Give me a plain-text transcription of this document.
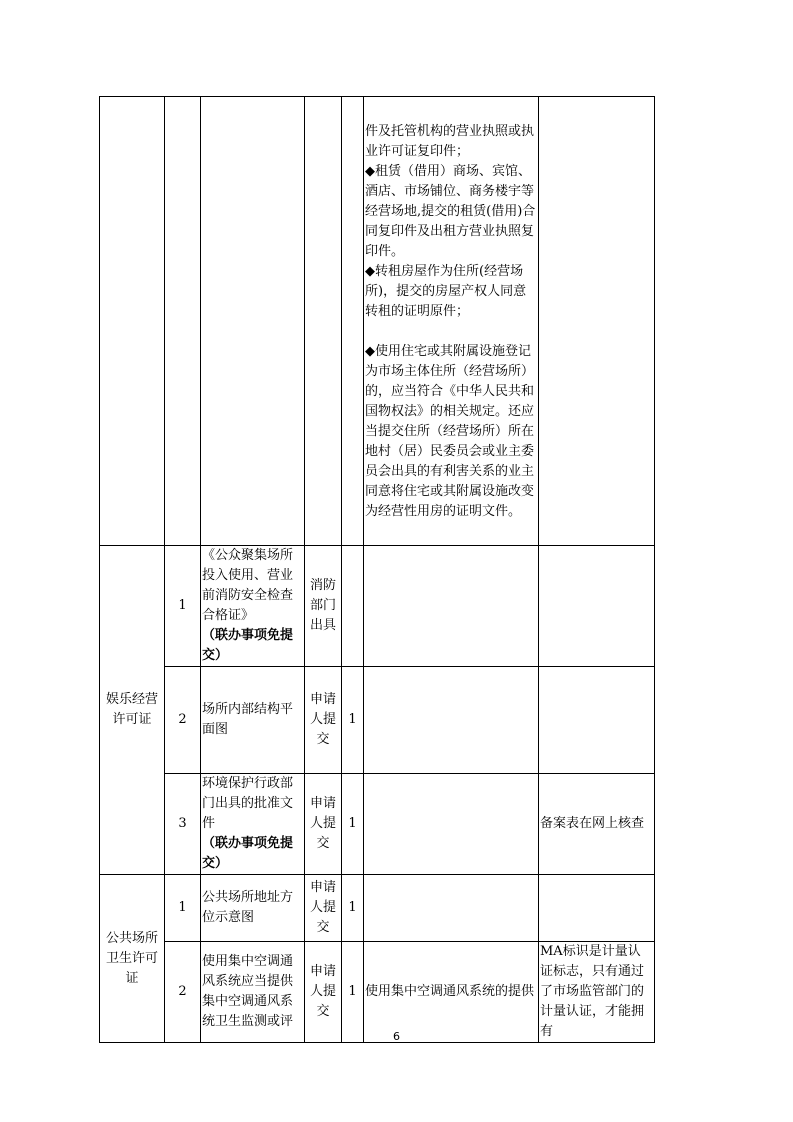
					件及托管机构的营业执照或执业许可证复印件；
◆租赁（借用）商场、宾馆、酒店、市场铺位、商务楼宇等经营场地,提交的租赁(借用)合同复印件及出租方营业执照复印件。
◆转租房屋作为住所(经营场所)，提交的房屋产权人同意转租的证明原件；
◆使用住宅或其附属设施登记为市场主体住所（经营场所）的，应当符合《中华人民共和国物权法》的相关规定。还应当提交住所（经营场所）所在地村（居）民委员会或业主委员会出具的有利害关系的业主同意将住宅或其附属设施改变为经营性用房的证明文件。	

娱乐经营许可证	1	《公众聚集场所投入使用、营业前消防安全检查合格证》
（联办事项免提交）	消防部门出具			
	2	场所内部结构平面图	申请人提交	1		
	3	环境保护行政部门出具的批准文件
（联办事项免提交）	申请人提交	1		备案表在网上核查
公共场所卫生许可证	1	公共场所地址方位示意图	申请人提交	1		
	2	使用集中空调通风系统应当提供集中空调通风系统卫生监测或评	申请人提交	1	使用集中空调通风系统的提供	MA标识是计量认证标志，只有通过了市场监管部门的计量认证，才能拥有
6
